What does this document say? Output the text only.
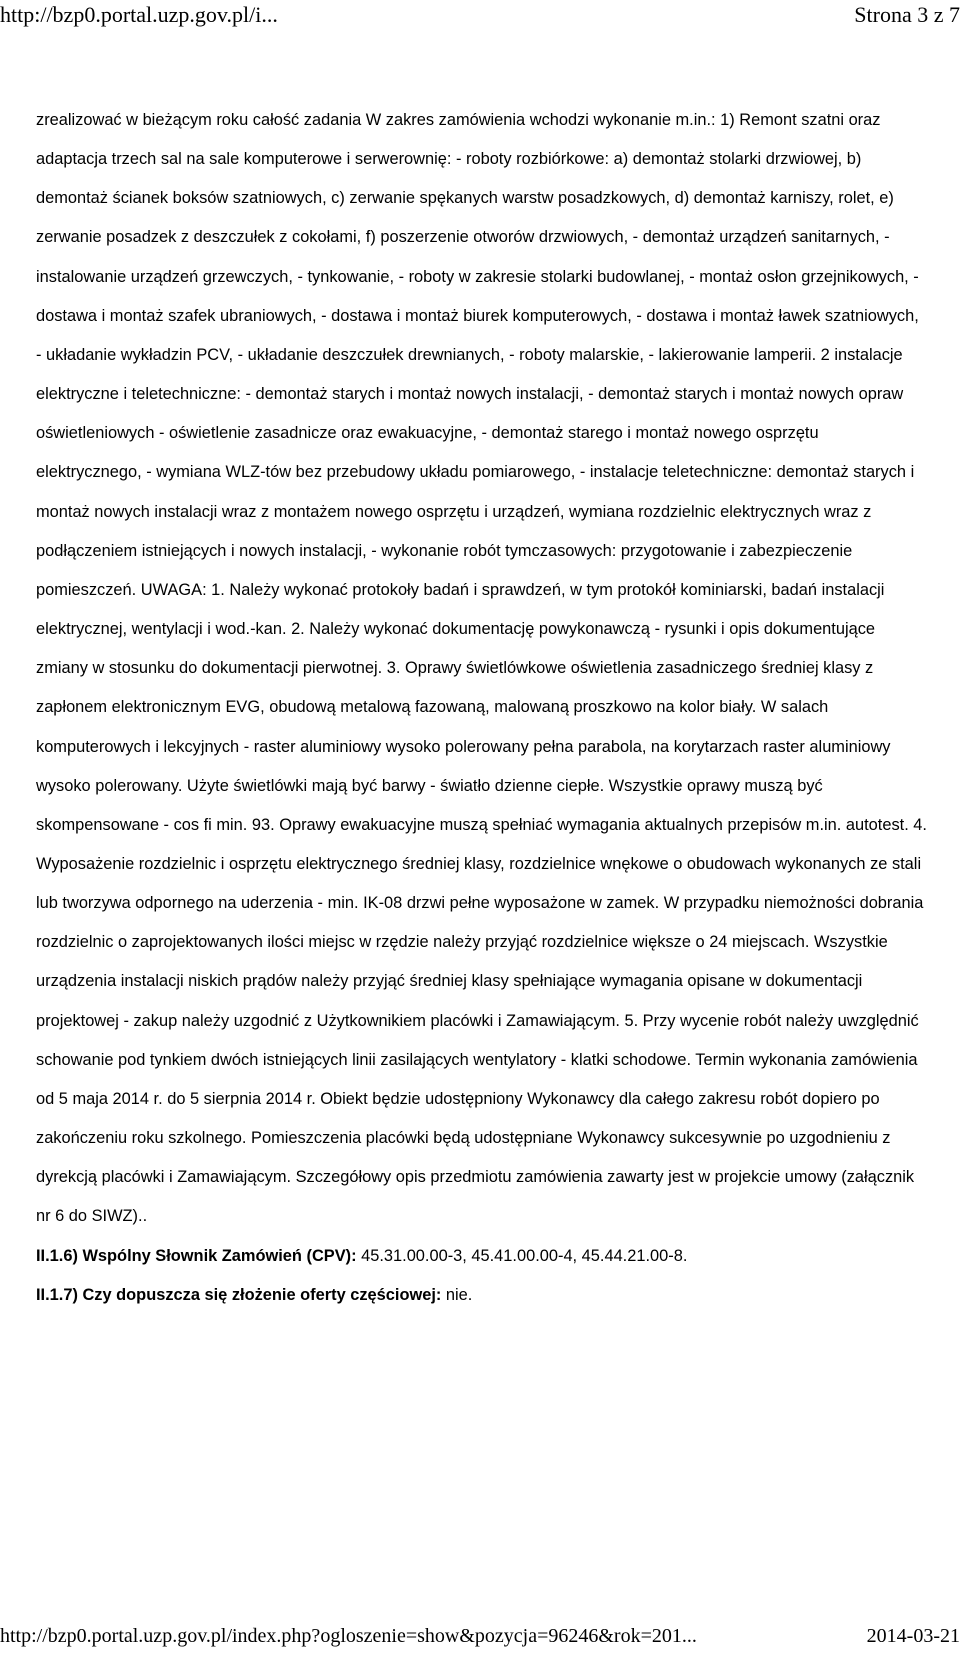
http://bzp0.portal.uzp.gov.pl/i...	Strona 3 z 7

zrealizować w bieżącym roku całość zadania W zakres zamówienia wchodzi wykonanie m.in.: 1) Remont szatni oraz adaptacja trzech sal na sale komputerowe i serwerownię: - roboty rozbiórkowe: a) demontaż stolarki drzwiowej, b) demontaż ścianek boksów szatniowych, c) zerwanie spękanych warstw posadzkowych, d) demontaż karniszy, rolet, e) zerwanie posadzek z deszczułek z cokołami, f) poszerzenie otworów drzwiowych, - demontaż urządzeń sanitarnych, - instalowanie urządzeń grzewczych, - tynkowanie, - roboty w zakresie stolarki budowlanej, - montaż osłon grzejnikowych, - dostawa i montaż szafek ubraniowych, - dostawa i montaż biurek komputerowych, - dostawa i montaż ławek szatniowych, - układanie wykładzin PCV, - układanie deszczułek drewnianych, - roboty malarskie, - lakierowanie lamperii. 2 instalacje elektryczne i teletechniczne: - demontaż starych i montaż nowych instalacji, - demontaż starych i montaż nowych opraw oświetleniowych - oświetlenie zasadnicze oraz ewakuacyjne, - demontaż starego i montaż nowego osprzętu elektrycznego, - wymiana WLZ-tów bez przebudowy układu pomiarowego, - instalacje teletechniczne: demontaż starych i montaż nowych instalacji wraz z montażem nowego osprzętu i urządzeń, wymiana rozdzielnic elektrycznych wraz z podłączeniem istniejących i nowych instalacji, - wykonanie robót tymczasowych: przygotowanie i zabezpieczenie pomieszczeń. UWAGA: 1. Należy wykonać protokoły badań i sprawdzeń, w tym protokół kominiarski, badań instalacji elektrycznej, wentylacji i wod.-kan. 2. Należy wykonać dokumentację powykonawczą - rysunki i opis dokumentujące zmiany w stosunku do dokumentacji pierwotnej. 3. Oprawy świetlówkowe oświetlenia zasadniczego średniej klasy z zapłonem elektronicznym EVG, obudową metalową fazowaną, malowaną proszkowo na kolor biały. W salach komputerowych i lekcyjnych - raster aluminiowy wysoko polerowany pełna parabola, na korytarzach raster aluminiowy wysoko polerowany. Użyte świetlówki mają być barwy - światło dzienne ciepłe. Wszystkie oprawy muszą być skompensowane - cos fi min. 93. Oprawy ewakuacyjne muszą spełniać wymagania aktualnych przepisów m.in. autotest. 4. Wyposażenie rozdzielnic i osprzętu elektrycznego średniej klasy, rozdzielnice wnękowe o obudowach wykonanych ze stali lub tworzywa odpornego na uderzenia - min. IK-08 drzwi pełne wyposażone w zamek. W przypadku niemożności dobrania rozdzielnic o zaprojektowanych ilości miejsc w rzędzie należy przyjąć rozdzielnice większe o 24 miejscach. Wszystkie urządzenia instalacji niskich prądów należy przyjąć średniej klasy spełniające wymagania opisane w dokumentacji projektowej - zakup należy uzgodnić z Użytkownikiem placówki i Zamawiającym. 5. Przy wycenie robót należy uwzględnić schowanie pod tynkiem dwóch istniejących linii zasilających wentylatory - klatki schodowe. Termin wykonania zamówienia od 5 maja 2014 r. do 5 sierpnia 2014 r. Obiekt będzie udostępniony Wykonawcy dla całego zakresu robót dopiero po zakończeniu roku szkolnego. Pomieszczenia placówki będą udostępniane Wykonawcy sukcesywnie po uzgodnieniu z dyrekcją placówki i Zamawiającym. Szczegółowy opis przedmiotu zamówienia zawarty jest w projekcie umowy (załącznik nr 6 do SIWZ)..

II.1.6) Wspólny Słownik Zamówień (CPV): 45.31.00.00-3, 45.41.00.00-4, 45.44.21.00-8.

II.1.7) Czy dopuszcza się złożenie oferty częściowej: nie.

http://bzp0.portal.uzp.gov.pl/index.php?ogloszenie=show&pozycja=96246&rok=201...	2014-03-21
